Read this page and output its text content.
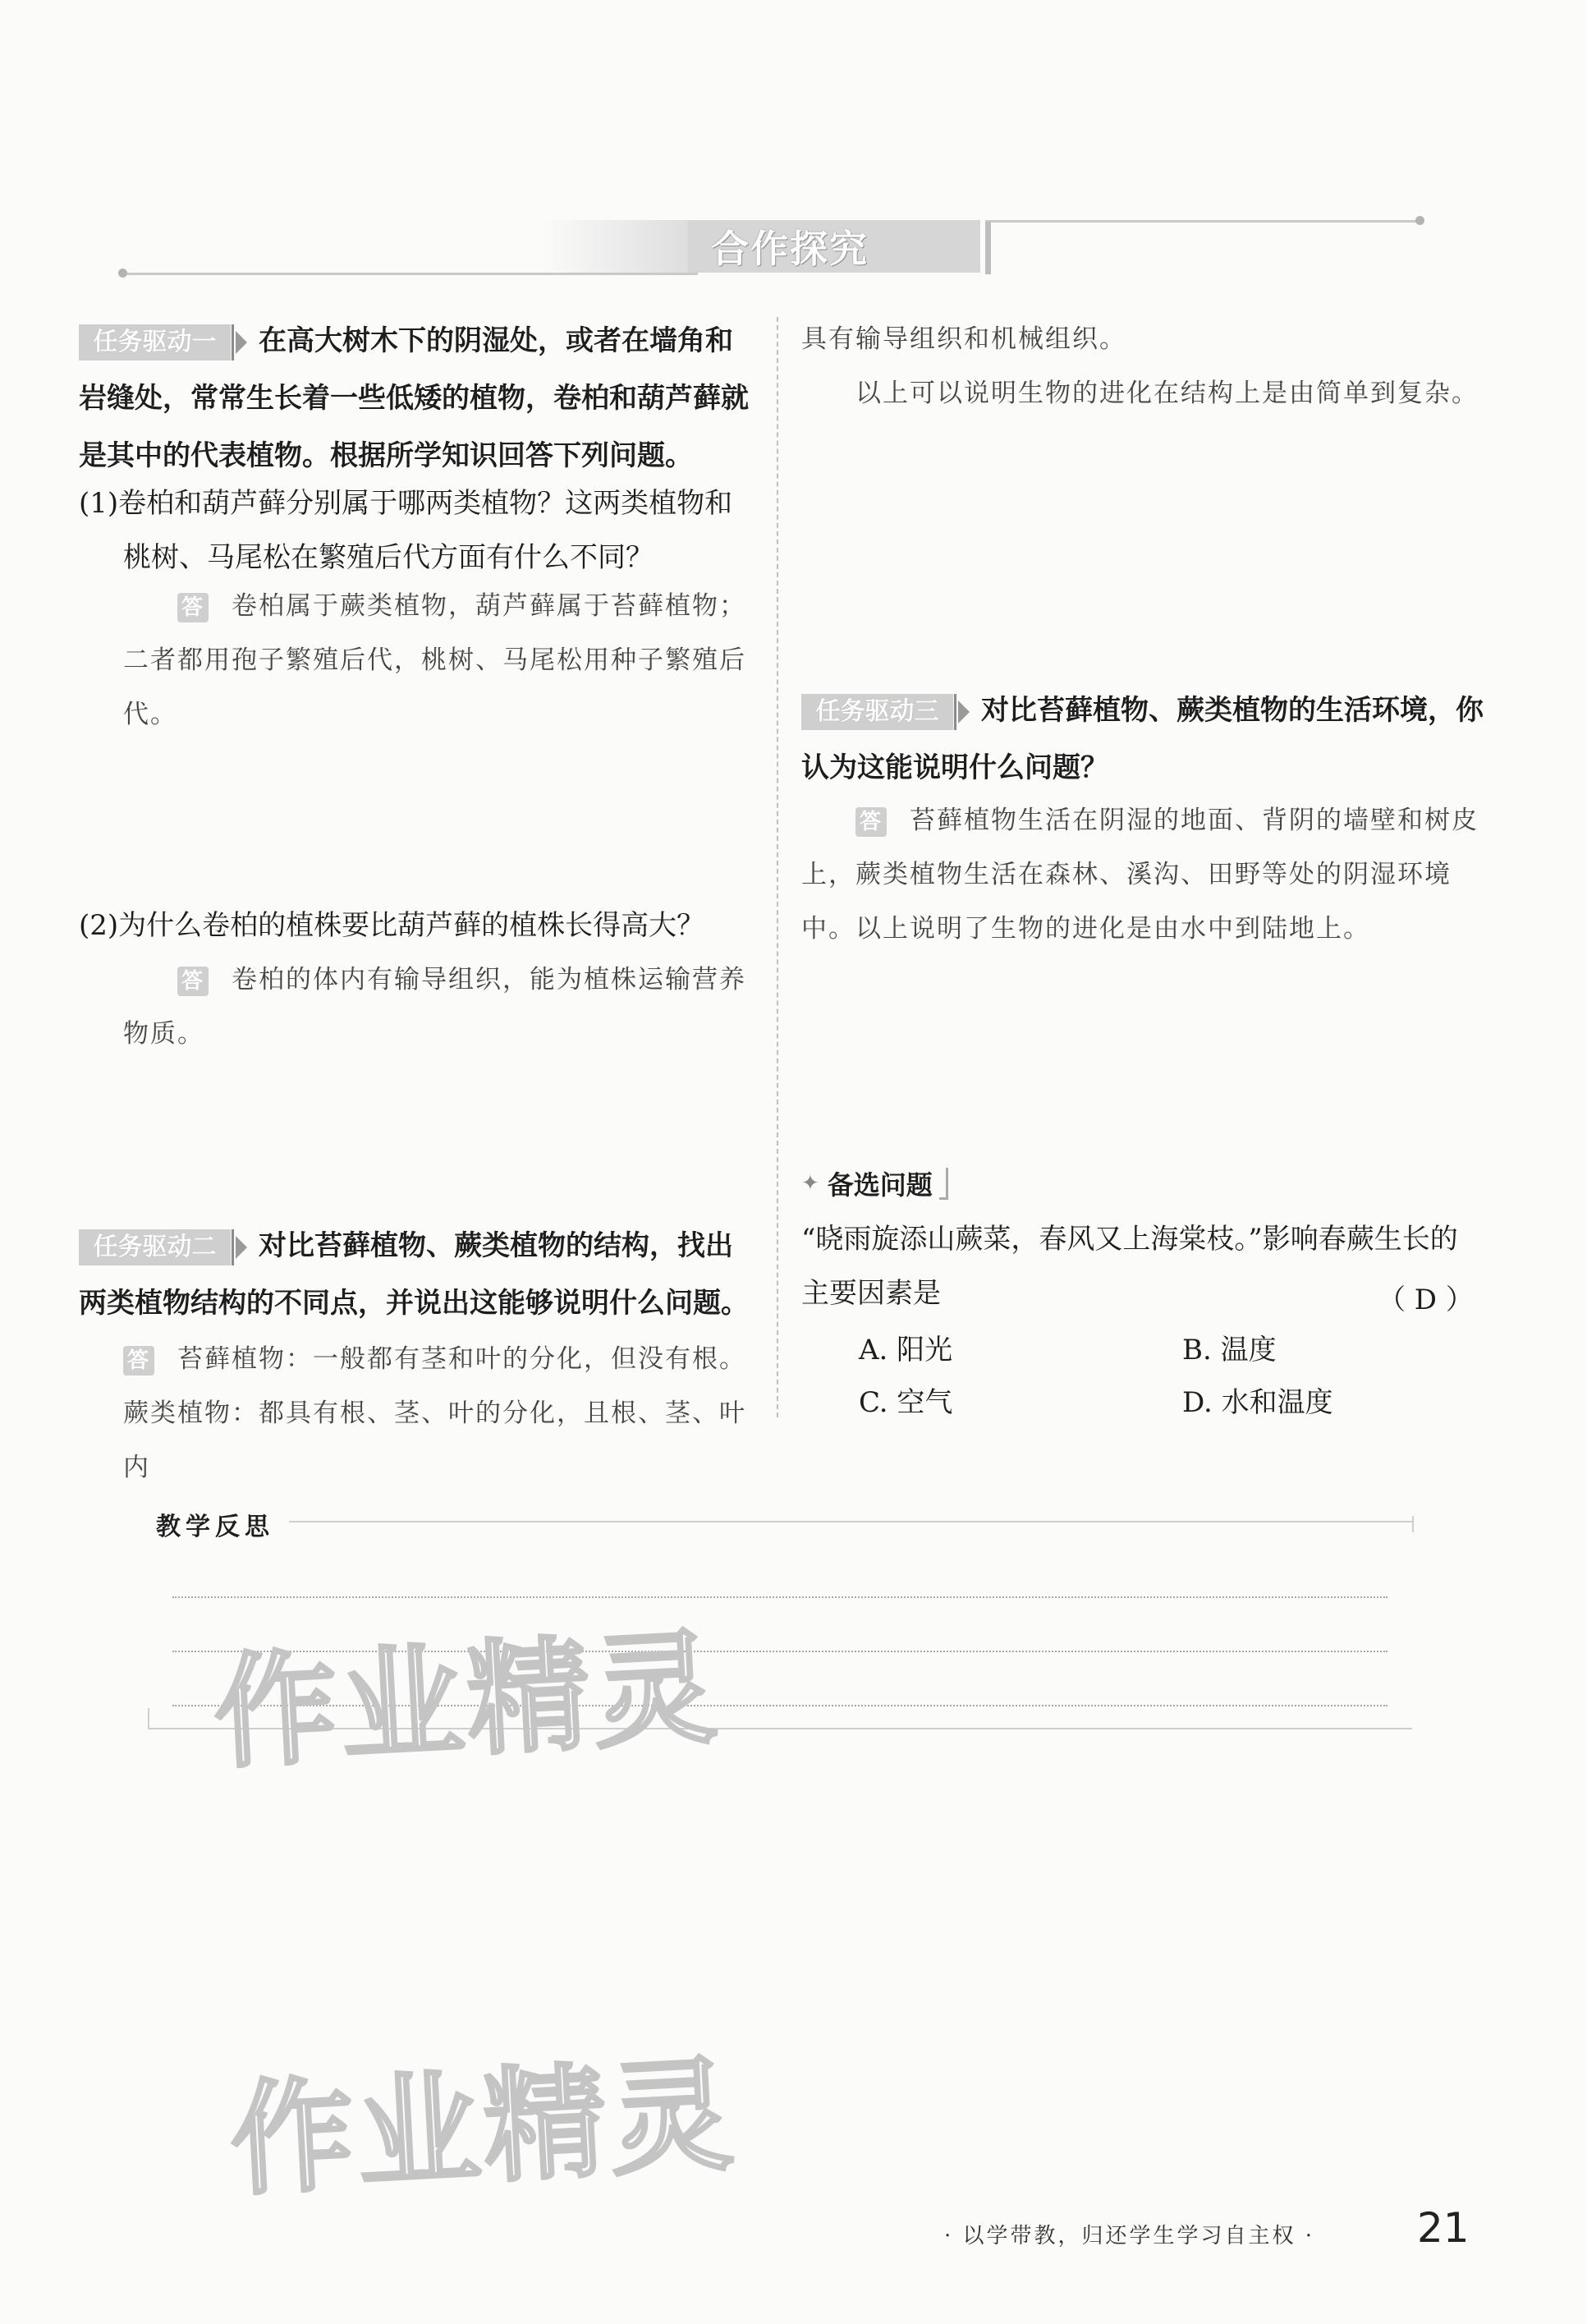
合作探究
任务驱动一 在高大树木下的阴湿处，或者在墙角和岩缝处，常常生长着一些低矮的植物，卷柏和葫芦藓就是其中的代表植物。根据所学知识回答下列问题。
(1)卷柏和葫芦藓分别属于哪两类植物？这两类植物和桃树、马尾松在繁殖后代方面有什么不同？
答 卷柏属于蕨类植物，葫芦藓属于苔藓植物；二者都用孢子繁殖后代，桃树、马尾松用种子繁殖后代。
(2)为什么卷柏的植株要比葫芦藓的植株长得高大？
答 卷柏的体内有输导组织，能为植株运输营养物质。
任务驱动二 对比苔藓植物、蕨类植物的结构，找出两类植物结构的不同点，并说出这能够说明什么问题。
答 苔藓植物：一般都有茎和叶的分化，但没有根。蕨类植物：都具有根、茎、叶的分化，且根、茎、叶内
具有输导组织和机械组织。
以上可以说明生物的进化在结构上是由简单到复杂。
任务驱动三 对比苔藓植物、蕨类植物的生活环境，你认为这能说明什么问题？
答 苔藓植物生活在阴湿的地面、背阴的墙壁和树皮上，蕨类植物生活在森林、溪沟、田野等处的阴湿环境中。以上说明了生物的进化是由水中到陆地上。
✦ 备选问题
“晓雨旋添山蕨菜，春风又上海棠枝。”影响春蕨生长的主要因素是	（ D ）
A. 阳光	B. 温度
C. 空气	D. 水和温度
教学反思
作业精灵
作业精灵
· 以学带教，归还学生学习自主权 · 21
